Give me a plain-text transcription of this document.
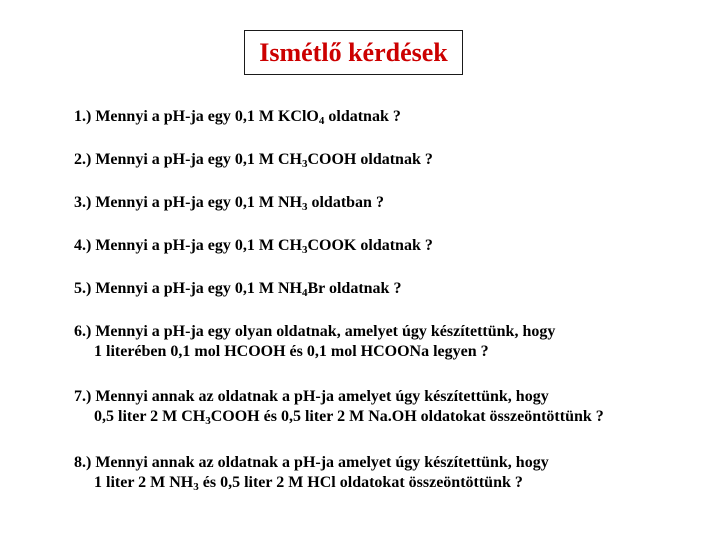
Ismétlő kérdések
1.) Mennyi a pH-ja egy 0,1 M KClO$_4$ oldatnak ?
2.) Mennyi a pH-ja egy 0,1 M $CH_3COOH$ oldatnak ?
3.) Mennyi a pH-ja egy 0,1 M $NH_3$ oldatban ?
4.) Mennyi a pH-ja egy 0,1 M $CH_3COOK$ oldatnak ?
5.) Mennyi a pH-ja egy 0,1 M $NH_4Br$ oldatnak ?
6.) Mennyi a pH-ja egy olyan oldatnak, amelyet úgy készítettünk, hogy
1 literében 0,1 mol HCOOH és 0,1 mol HCOONa legyen ?
7.) Mennyi annak az oldatnak a pH-ja amelyet úgy készítettünk, hogy
0,5 liter 2 M $CH_3COOH$ és 0,5 liter 2 M Na.OH oldatokat összeöntöttünk ?
8.) Mennyi annak az oldatnak a pH-ja amelyet úgy készítettünk, hogy
1 liter 2 M $NH_3$ és 0,5 liter 2 M HCl oldatokat összeöntöttünk ?
